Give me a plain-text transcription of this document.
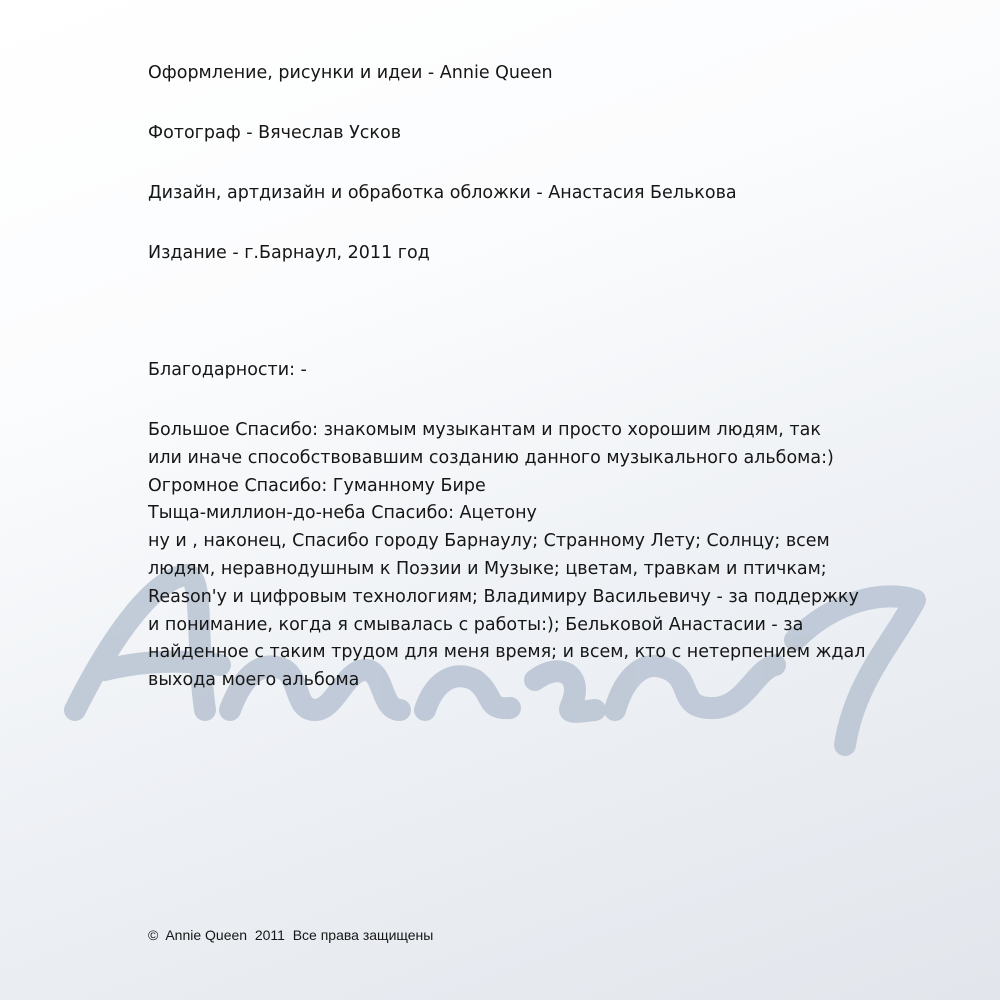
Оформление, рисунки и идеи - Annie Queen
Фотограф - Вячеслав Усков
Дизайн, артдизайн и обработка обложки - Анастасия Белькова
Издание - г.Барнаул, 2011 год
Благодарности: -
Большое Спасибо: знакомым музыкантам и просто хорошим людям, так
или иначе способствовавшим созданию данного музыкального альбома:)
Огромное Спасибо: Гуманному Бире
Тыща-миллион-до-неба Спасибо: Ацетону
ну и , наконец, Спасибо городу Барнаулу; Странному Лету; Солнцу; всем
людям, неравнодушным к Поэзии и Музыке; цветам, травкам и птичкам;
Reason'у и цифровым технологиям; Владимиру Васильевичу - за поддержку
и понимание, когда я смывалась с работы:); Бельковой Анастасии - за
найденное с таким трудом для меня время; и всем, кто с нетерпением ждал
выхода моего альбома
©  Annie Queen  2011  Все права защищены
